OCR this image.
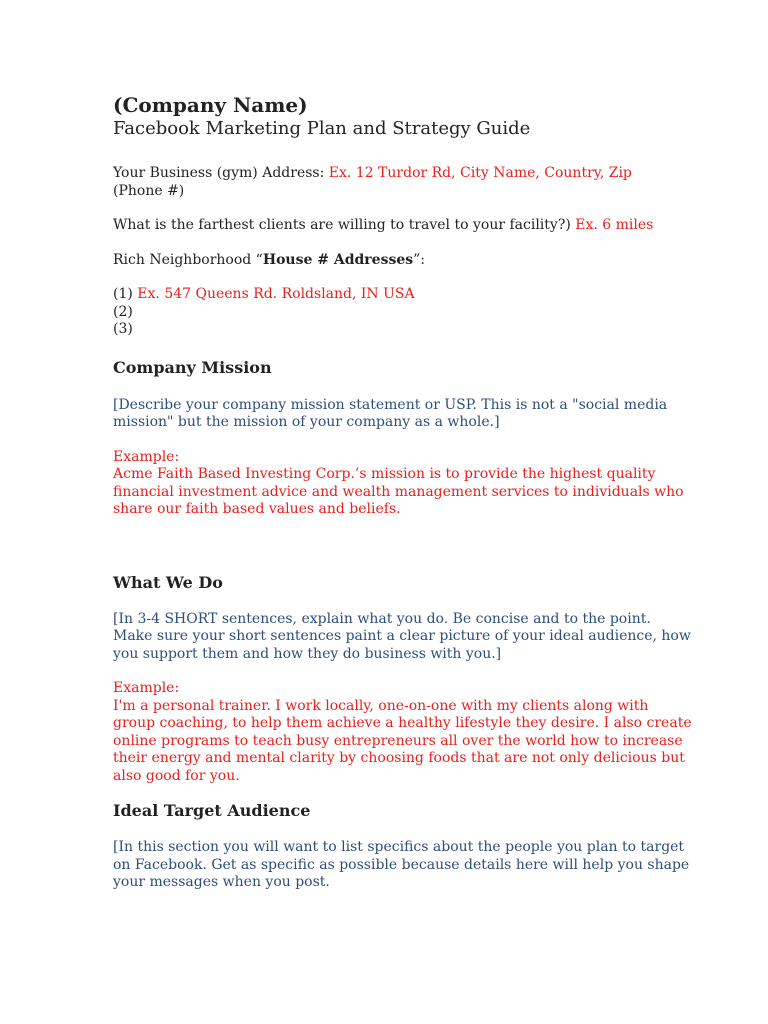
(Company Name)
Facebook Marketing Plan and Strategy Guide

Your Business (gym) Address: Ex. 12 Turdor Rd, City Name, Country, Zip

(Phone #)

What is the farthest clients are willing to travel to your facility?) Ex. 6 miles

Rich Neighborhood “House # Addresses”:

(1) Ex. 547 Queens Rd. Roldsland, IN USA

(2)

(3)

Company Mission

[Describe your company mission statement or USP. This is not a "social media

mission" but the mission of your company as a whole.]

Example:

Acme Faith Based Investing Corp.’s mission is to provide the highest quality

financial investment advice and wealth management services to individuals who

share our faith based values and beliefs.

What We Do

[In 3-4 SHORT sentences, explain what you do. Be concise and to the point.

Make sure your short sentences paint a clear picture of your ideal audience, how

you support them and how they do business with you.]

Example:

I'm a personal trainer. I work locally, one-on-one with my clients along with

group coaching, to help them achieve a healthy lifestyle they desire. I also create

online programs to teach busy entrepreneurs all over the world how to increase

their energy and mental clarity by choosing foods that are not only delicious but

also good for you.

Ideal Target Audience

[In this section you will want to list specifics about the people you plan to target

on Facebook. Get as specific as possible because details here will help you shape

your messages when you post.
